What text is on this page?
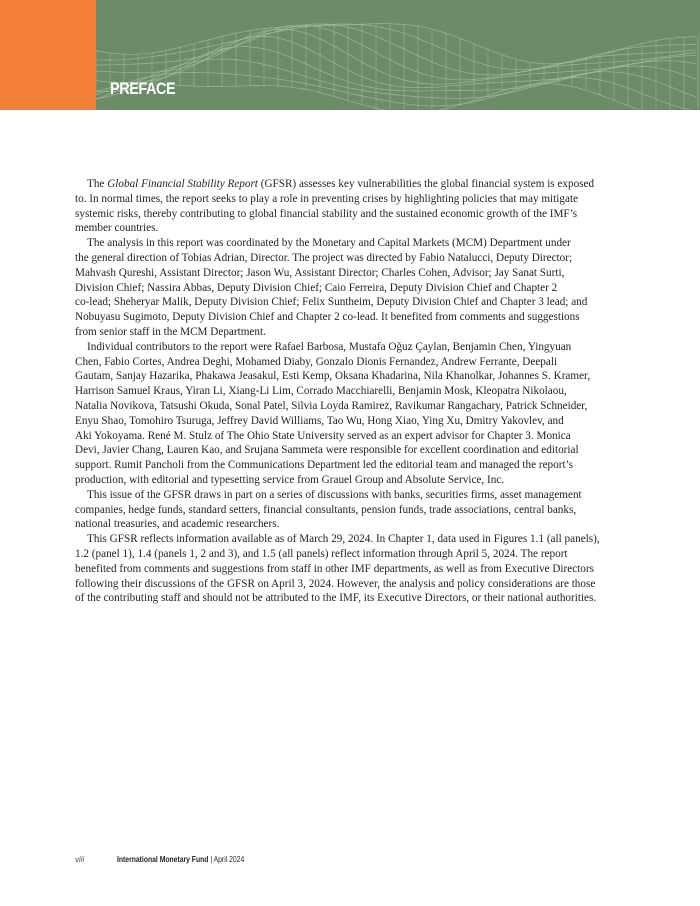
PREFACE
The Global Financial Stability Report (GFSR) assesses key vulnerabilities the global financial system is exposed
to. In normal times, the report seeks to play a role in preventing crises by highlighting policies that may mitigate
systemic risks, thereby contributing to global financial stability and the sustained economic growth of the IMF’s
member countries.
The analysis in this report was coordinated by the Monetary and Capital Markets (MCM) Department under
the general direction of Tobias Adrian, Director. The project was directed by Fabio Natalucci, Deputy Director;
Mahvash Qureshi, Assistant Director; Jason Wu, Assistant Director; Charles Cohen, Advisor; Jay Sanat Surti,
Division Chief; Nassira Abbas, Deputy Division Chief; Caio Ferreira, Deputy Division Chief and Chapter 2
co-lead; Sheheryar Malik, Deputy Division Chief; Felix Suntheim, Deputy Division Chief and Chapter 3 lead; and
Nobuyasu Sugimoto, Deputy Division Chief and Chapter 2 co-lead. It benefited from comments and suggestions
from senior staff in the MCM Department.
Individual contributors to the report were Rafael Barbosa, Mustafa Oğuz Çaylan, Benjamin Chen, Yingyuan
Chen, Fabio Cortes, Andrea Deghi, Mohamed Diaby, Gonzalo Dionis Fernandez, Andrew Ferrante, Deepali
Gautam, Sanjay Hazarika, Phakawa Jeasakul, Esti Kemp, Oksana Khadarina, Nila Khanolkar, Johannes S. Kramer,
Harrison Samuel Kraus, Yiran Li, Xiang-Li Lim, Corrado Macchiarelli, Benjamin Mosk, Kleopatra Nikolaou,
Natalia Novikova, Tatsushi Okuda, Sonal Patel, Silvia Loyda Ramirez, Ravikumar Rangachary, Patrick Schneider,
Enyu Shao, Tomohiro Tsuruga, Jeffrey David Williams, Tao Wu, Hong Xiao, Ying Xu, Dmitry Yakovlev, and
Aki Yokoyama. René M. Stulz of The Ohio State University served as an expert advisor for Chapter 3. Monica
Devi, Javier Chang, Lauren Kao, and Srujana Sammeta were responsible for excellent coordination and editorial
support. Rumit Pancholi from the Communications Department led the editorial team and managed the report’s
production, with editorial and typesetting service from Grauel Group and Absolute Service, Inc.
This issue of the GFSR draws in part on a series of discussions with banks, securities firms, asset management
companies, hedge funds, standard setters, financial consultants, pension funds, trade associations, central banks,
national treasuries, and academic researchers.
This GFSR reflects information available as of March 29, 2024. In Chapter 1, data used in Figures 1.1 (all panels),
1.2 (panel 1), 1.4 (panels 1, 2 and 3), and 1.5 (all panels) reflect information through April 5, 2024. The report
benefited from comments and suggestions from staff in other IMF departments, as well as from Executive Directors
following their discussions of the GFSR on April 3, 2024. However, the analysis and policy considerations are those
of the contributing staff and should not be attributed to the IMF, its Executive Directors, or their national authorities.
viii	International Monetary Fund | April 2024
